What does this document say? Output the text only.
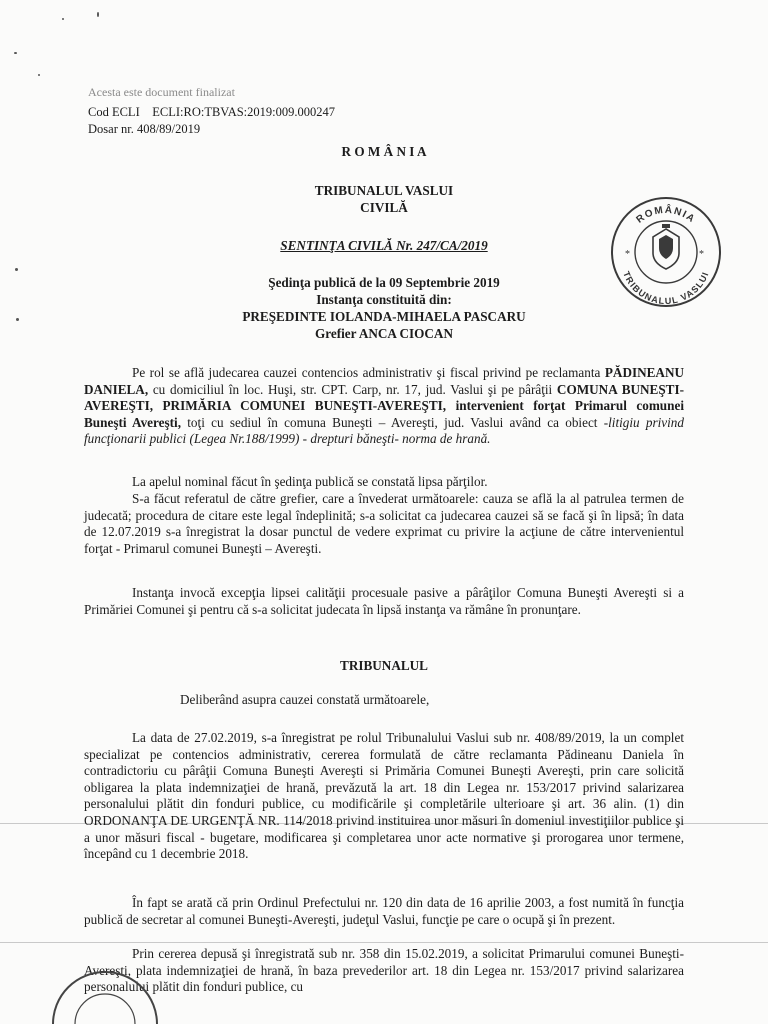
Acesta este document finalizat
Cod ECLI    ECLI:RO:TBVAS:2019:009.000247
Dosar nr. 408/89/2019
R O M Â N I A
TRIBUNALUL VASLUI
CIVILĂ
SENTINŢA CIVILĂ Nr. 247/CA/2019
Şedinţa publică de la 09 Septembrie 2019
Instanţa constituită din:
PREŞEDINTE IOLANDA-MIHAELA PASCARU
Grefier ANCA CIOCAN
ROMÂNIA
TRIBUNALUL VASLUI
*	*
Pe rol se află judecarea cauzei contencios administrativ şi fiscal privind pe reclamanta PĂDINEANU DANIELA, cu domiciliul în loc. Huşi, str. CPT. Carp, nr. 17, jud. Vaslui şi pe pârâţii COMUNA BUNEŞTI-AVEREŞTI, PRIMĂRIA COMUNEI BUNEŞTI-AVEREŞTI, intervenient forţat Primarul comunei Buneşti Avereşti, toţi cu sediul în comuna Buneşti – Avereşti, jud. Vaslui având ca obiect -litigiu privind funcţionarii publici (Legea Nr.188/1999) - drepturi băneşti- norma de hrană.
La apelul nominal făcut în şedinţa publică se constată lipsa părţilor.
S-a făcut referatul de către grefier, care a învederat următoarele: cauza se află la al patrulea termen de judecată; procedura de citare este legal îndeplinită; s-a solicitat ca judecarea cauzei să se facă şi în lipsă; în data de 12.07.2019 s-a înregistrat la dosar punctul de vedere exprimat cu privire la acţiune de către intervenientul forţat - Primarul comunei Buneşti – Avereşti.
Instanţa invocă excepţia lipsei calităţii procesuale pasive a pârâţilor Comuna Buneşti Avereşti si a Primăriei Comunei şi pentru că s-a solicitat judecata în lipsă instanţa va rămâne în pronunţare.
TRIBUNALUL
Deliberând asupra cauzei constată următoarele,
La data de 27.02.2019, s-a înregistrat pe rolul Tribunalului Vaslui sub nr. 408/89/2019, la un complet specializat pe contencios administrativ, cererea formulată de către reclamanta Pădineanu Daniela în contradictoriu cu pârâţii Comuna Buneşti Avereşti si Primăria Comunei Buneşti Avereşti, prin care solicită obligarea la plata indemnizaţiei de hrană, prevăzută la art. 18 din Legea nr. 153/2017 privind salarizarea personalului plătit din fonduri publice, cu modificările şi completările ulterioare şi art. 36 alin. (1) din ORDONANŢA DE URGENŢĂ NR. 114/2018 privind instituirea unor măsuri în domeniul investiţiilor publice şi a unor măsuri fiscal - bugetare, modificarea şi completarea unor acte normative şi prorogarea unor termene, începând cu 1 decembrie 2018.
În fapt se arată că prin Ordinul Prefectului nr. 120 din data de 16 aprilie 2003, a fost numită în funcţia publică de secretar al comunei Buneşti-Avereşti, judeţul Vaslui, funcţie pe care o ocupă şi în prezent.
Prin cererea depusă şi înregistrată sub nr. 358 din 15.02.2019, a solicitat Primarului comunei Buneşti-Avereşti, plata indemnizaţiei de hrană, în baza prevederilor art. 18 din Legea nr. 153/2017 privind salarizarea personalului plătit din fonduri publice, cu
